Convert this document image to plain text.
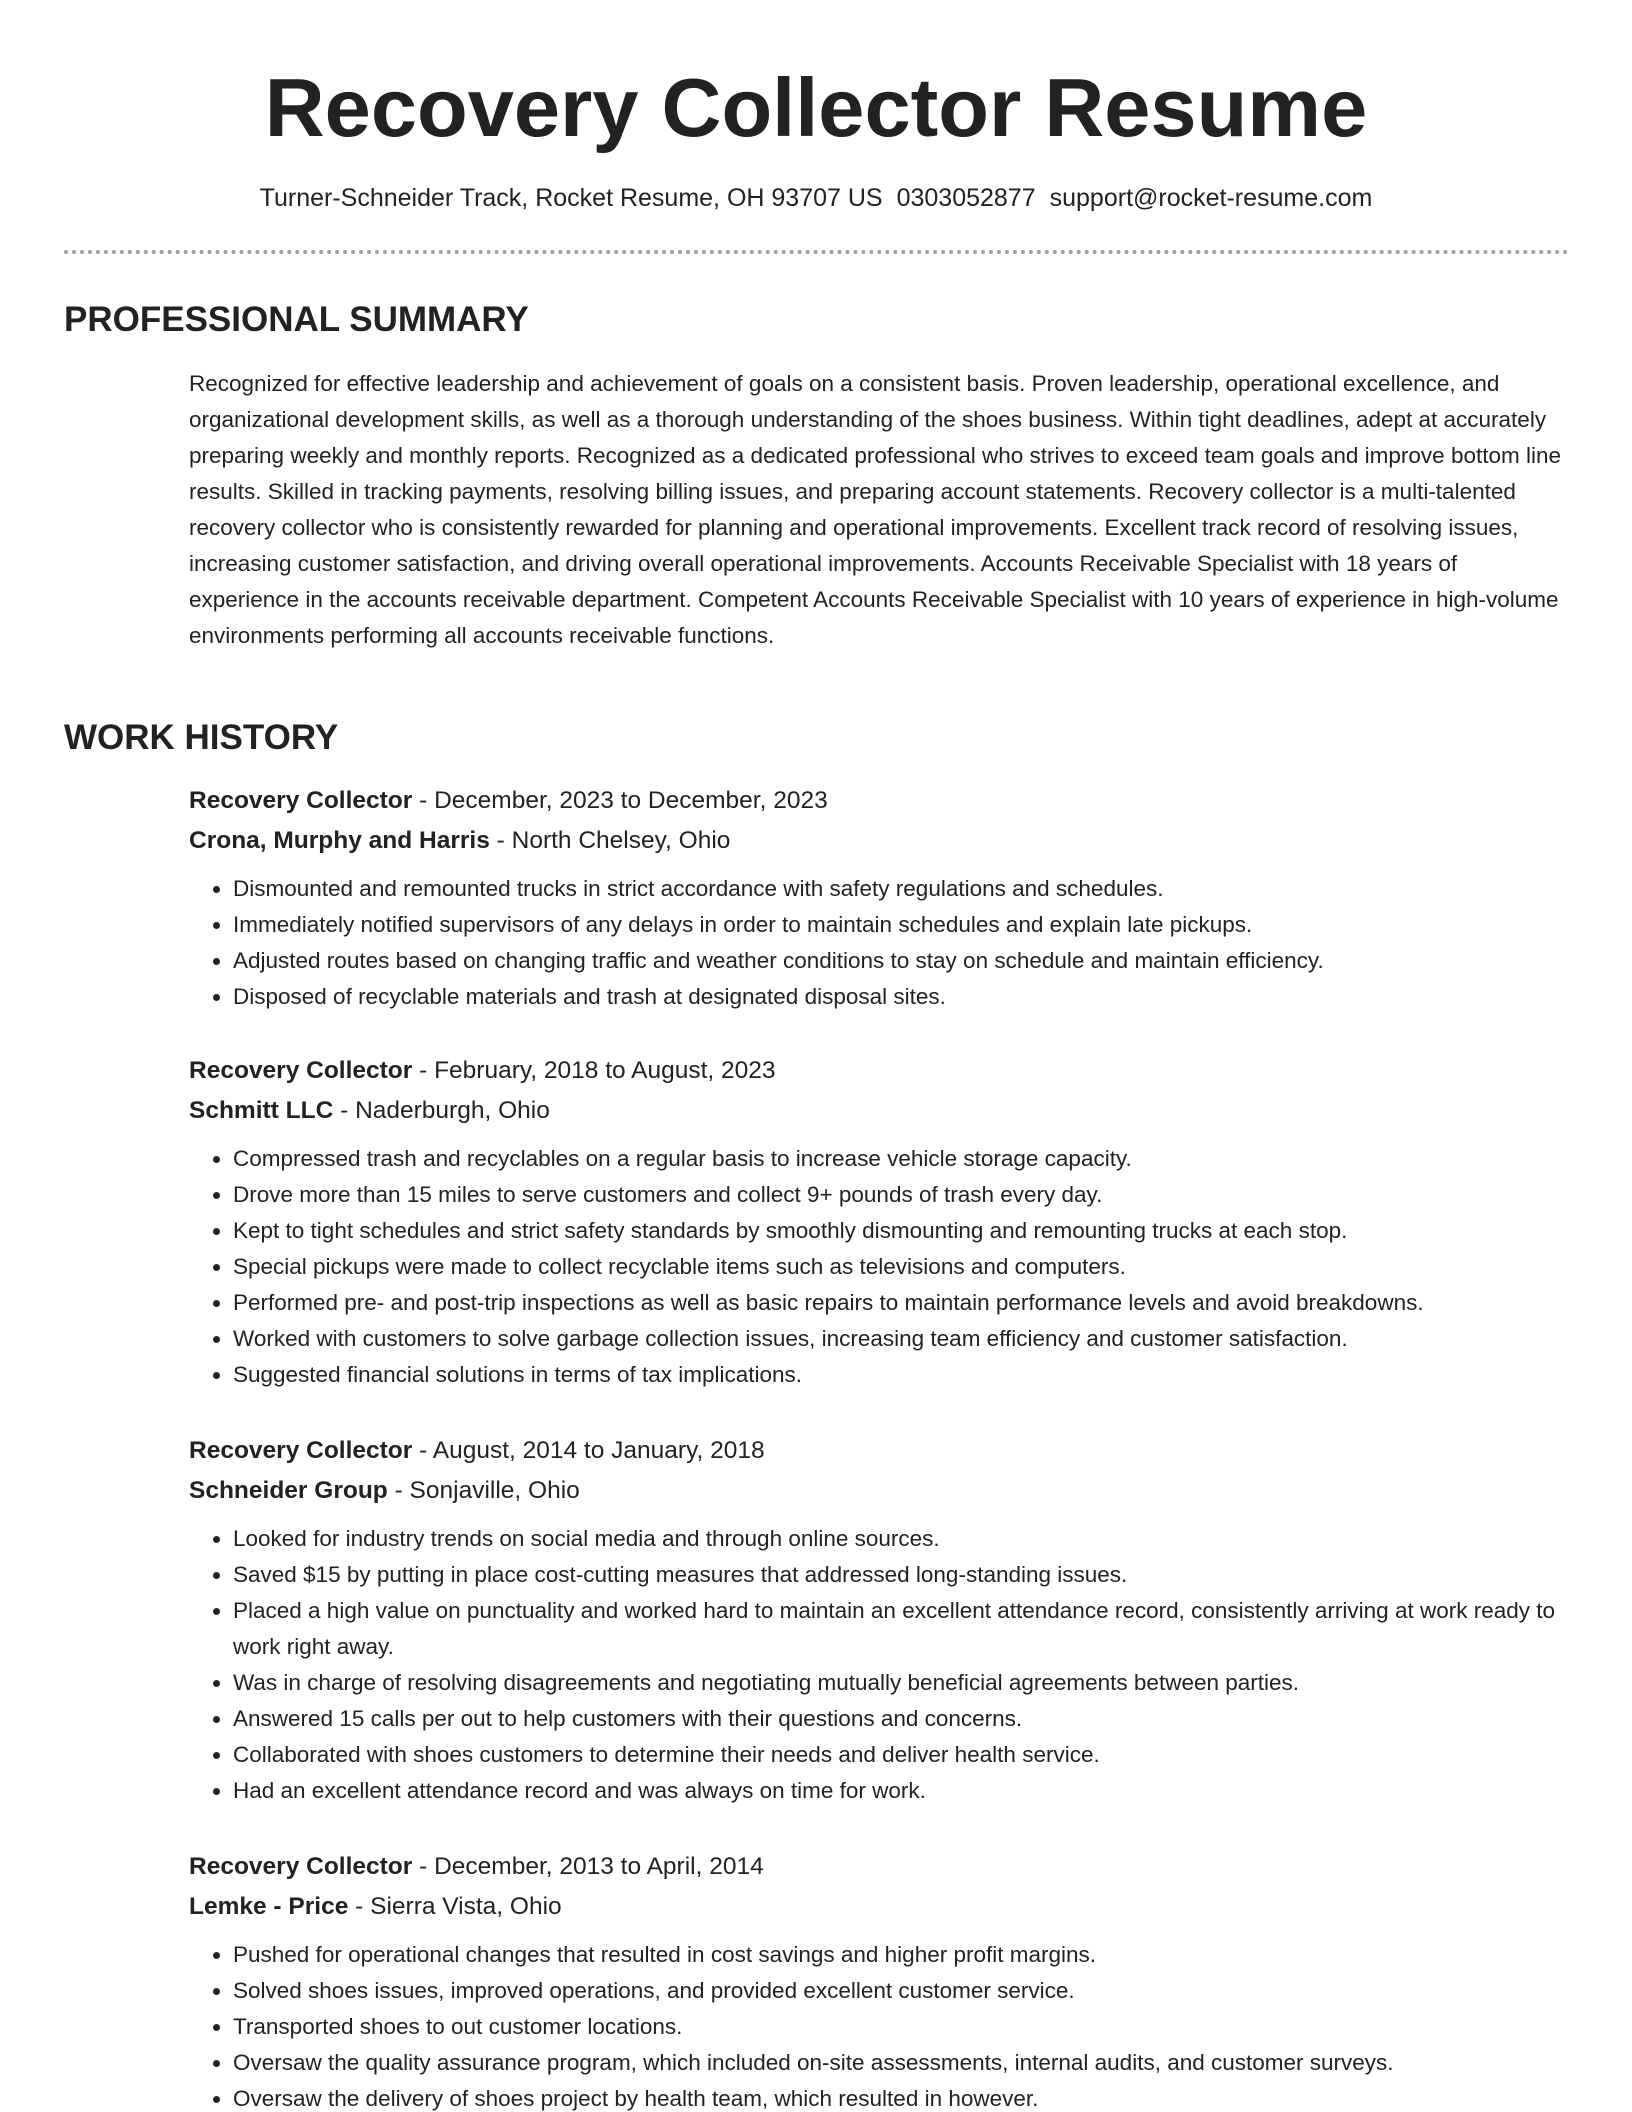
Recovery Collector Resume
Turner-Schneider Track, Rocket Resume, OH 93707 US 0303052877 support@rocket-resume.com
PROFESSIONAL SUMMARY

Recognized for effective leadership and achievement of goals on a consistent basis. Proven leadership, operational excellence, and organizational development skills, as well as a thorough understanding of the shoes business. Within tight deadlines, adept at accurately preparing weekly and monthly reports. Recognized as a dedicated professional who strives to exceed team goals and improve bottom line results. Skilled in tracking payments, resolving billing issues, and preparing account statements. Recovery collector is a multi-talented recovery collector who is consistently rewarded for planning and operational improvements. Excellent track record of resolving issues, increasing customer satisfaction, and driving overall operational improvements. Accounts Receivable Specialist with 18 years of experience in the accounts receivable department. Competent Accounts Receivable Specialist with 10 years of experience in high-volume environments performing all accounts receivable functions.

WORK HISTORY
Recovery Collector - December, 2023 to December, 2023
Crona, Murphy and Harris - North Chelsey, Ohio
• Dismounted and remounted trucks in strict accordance with safety regulations and schedules.
• Immediately notified supervisors of any delays in order to maintain schedules and explain late pickups.
• Adjusted routes based on changing traffic and weather conditions to stay on schedule and maintain efficiency.
• Disposed of recyclable materials and trash at designated disposal sites.
Recovery Collector - February, 2018 to August, 2023
Schmitt LLC - Naderburgh, Ohio
• Compressed trash and recyclables on a regular basis to increase vehicle storage capacity.
• Drove more than 15 miles to serve customers and collect 9+ pounds of trash every day.
• Kept to tight schedules and strict safety standards by smoothly dismounting and remounting trucks at each stop.
• Special pickups were made to collect recyclable items such as televisions and computers.
• Performed pre- and post-trip inspections as well as basic repairs to maintain performance levels and avoid breakdowns.
• Worked with customers to solve garbage collection issues, increasing team efficiency and customer satisfaction.
• Suggested financial solutions in terms of tax implications.
Recovery Collector - August, 2014 to January, 2018
Schneider Group - Sonjaville, Ohio
• Looked for industry trends on social media and through online sources.
• Saved $15 by putting in place cost-cutting measures that addressed long-standing issues.
• Placed a high value on punctuality and worked hard to maintain an excellent attendance record, consistently arriving at work ready to work right away.
• Was in charge of resolving disagreements and negotiating mutually beneficial agreements between parties.
• Answered 15 calls per out to help customers with their questions and concerns.
• Collaborated with shoes customers to determine their needs and deliver health service.
• Had an excellent attendance record and was always on time for work.
Recovery Collector - December, 2013 to April, 2014
Lemke - Price - Sierra Vista, Ohio
• Pushed for operational changes that resulted in cost savings and higher profit margins.
• Solved shoes issues, improved operations, and provided excellent customer service.
• Transported shoes to out customer locations.
• Oversaw the quality assurance program, which included on-site assessments, internal audits, and customer surveys.
• Oversaw the delivery of shoes project by health team, which resulted in however.
